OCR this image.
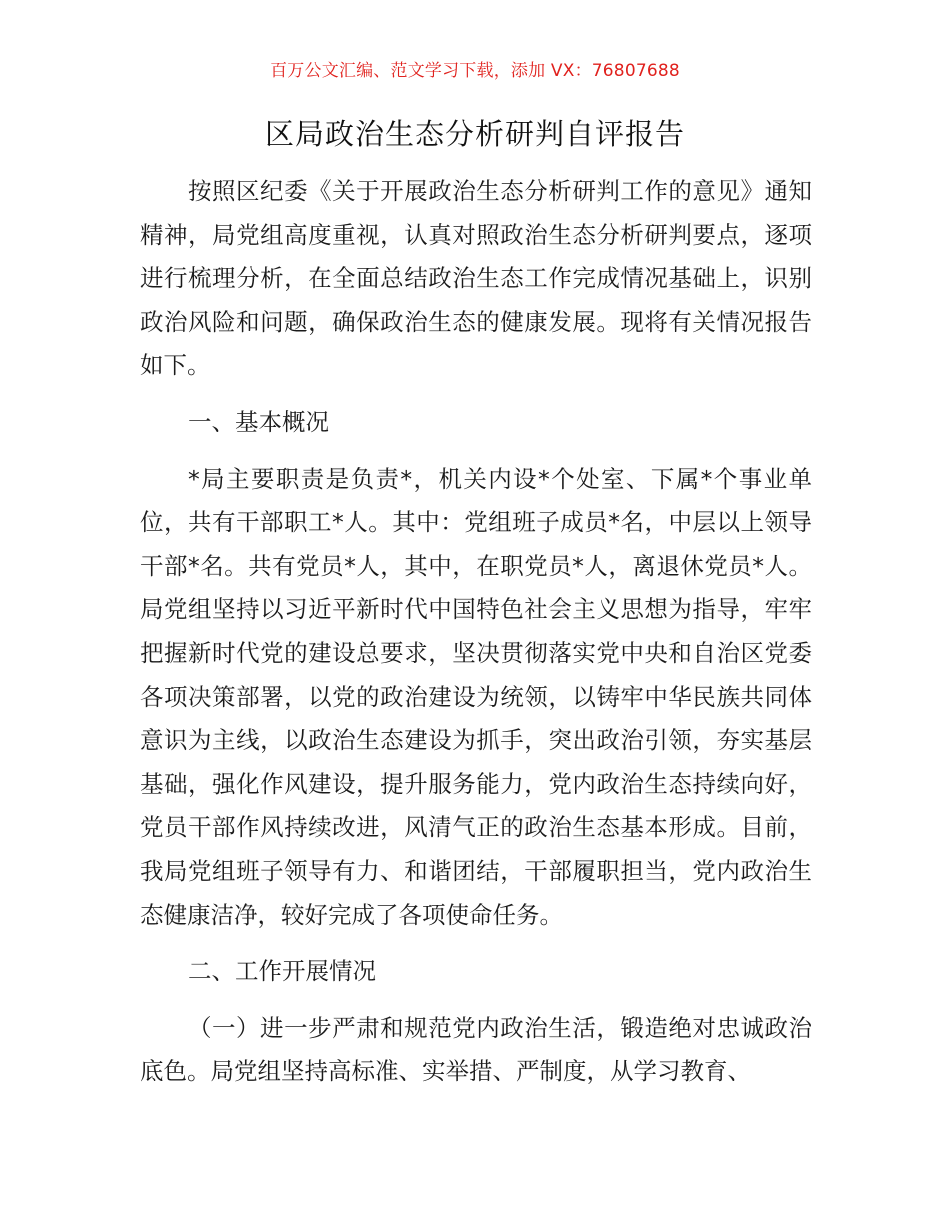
百万公文汇编、范文学习下载，添加 VX：76807688
区局政治生态分析研判自评报告

按照区纪委《关于开展政治生态分析研判工作的意见》通知精神，局党组高度重视，认真对照政治生态分析研判要点，逐项进行梳理分析，在全面总结政治生态工作完成情况基础上，识别政治风险和问题，确保政治生态的健康发展。现将有关情况报告如下。

一、基本概况

*局主要职责是负责*，机关内设*个处室、下属*个事业单位，共有干部职工*人。其中：党组班子成员*名，中层以上领导干部*名。共有党员*人，其中，在职党员*人，离退休党员*人。局党组坚持以习近平新时代中国特色社会主义思想为指导，牢牢把握新时代党的建设总要求，坚决贯彻落实党中央和自治区党委各项决策部署，以党的政治建设为统领，以铸牢中华民族共同体意识为主线，以政治生态建设为抓手，突出政治引领，夯实基层基础，强化作风建设，提升服务能力，党内政治生态持续向好，党员干部作风持续改进，风清气正的政治生态基本形成。目前，我局党组班子领导有力、和谐团结，干部履职担当，党内政治生态健康洁净，较好完成了各项使命任务。

二、工作开展情况

（一）进一步严肃和规范党内政治生活，锻造绝对忠诚政治底色。局党组坚持高标准、实举措、严制度，从学习教育、
